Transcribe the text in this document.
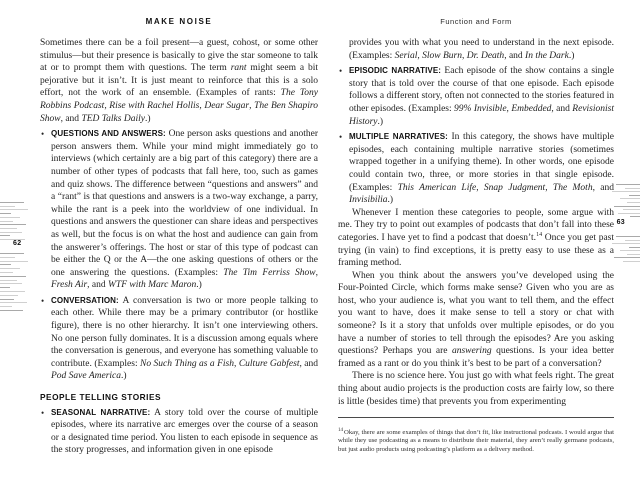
62
63
MAKE NOISE

Sometimes there can be a foil present—a guest, cohost, or some other stimulus—but their presence is basically to give the star someone to talk at or to prompt them with questions. The term rant might seem a bit pejorative but it isn’t. It is just meant to reinforce that this is a solo effort, not the work of an ensemble. (Examples of rants: The Tony Robbins Podcast, Rise with Rachel Hollis, Dear Sugar, The Ben Shapiro Show, and TED Talks Daily.)

• QUESTIONS AND ANSWERS: One person asks questions and another person answers them. While your mind might immediately go to interviews (which certainly are a big part of this category) there are a number of other types of podcasts that fall here, too, such as games and quiz shows. The difference between “questions and answers” and a “rant” is that questions and answers is a two-way exchange, a parry, while the rant is a peek into the worldview of one individual. In questions and answers the questioner can share ideas and perspectives as well, but the focus is on what the host and audience can gain from the answerer’s offerings. The host or star of this type of podcast can be either the Q or the A—the one asking questions of others or the one answering the questions. (Examples: The Tim Ferriss Show, Fresh Air, and WTF with Marc Maron.)
• CONVERSATION: A conversation is two or more people talking to each other. While there may be a primary contributor (or hostlike figure), there is no other hierarchy. It isn’t one interviewing others. No one person fully dominates. It is a discussion among equals where the conversation is generous, and everyone has something valuable to contribute. (Examples: No Such Thing as a Fish, Culture Gabfest, and Pod Save America.)
PEOPLE TELLING STORIES
• SEASONAL NARRATIVE: A story told over the course of multiple episodes, where its narrative arc emerges over the course of a season or a designated time period. You listen to each episode in sequence as the story progresses, and information given in one episode
Function and Form

provides you with what you need to understand in the next episode. (Examples: Serial, Slow Burn, Dr. Death, and In the Dark.)

• EPISODIC NARRATIVE: Each episode of the show contains a single story that is told over the course of that one episode. Each episode follows a different story, often not connected to the stories featured in other episodes. (Examples: 99% Invisible, Embedded, and Revisionist History.)
• MULTIPLE NARRATIVES: In this category, the shows have multiple episodes, each containing multiple narrative stories (sometimes wrapped together in a unifying theme). In other words, one episode could contain two, three, or more stories in that single episode. (Examples: This American Life, Snap Judgment, The Moth, and Invisibilia.)

Whenever I mention these categories to people, some argue with me. They try to point out examples of podcasts that don’t fall into these categories. I have yet to find a podcast that doesn’t.$^{14}$ Once you get past trying (in vain) to find exceptions, it is pretty easy to use these as a framing method.

When you think about the answers you’ve developed using the Four-Pointed Circle, which forms make sense? Given who you are as host, who your audience is, what you want to tell them, and the effect you want to have, does it make sense to tell a story or chat with someone? Is it a story that unfolds over multiple episodes, or do you have a number of stories to tell through the episodes? Are you asking questions? Perhaps you are answering questions. Is your idea better framed as a rant or do you think it’s best to be part of a conversation?

There is no science here. You just go with what feels right. The great thing about audio projects is the production costs are fairly low, so there is little (besides time) that prevents you from experimenting

$^{14}$Okay, there are some examples of things that don’t fit, like instructional podcasts. I would argue that while they use podcasting as a means to distribute their material, they aren’t really germane podcasts, but just audio products using podcasting’s platform as a delivery method.
